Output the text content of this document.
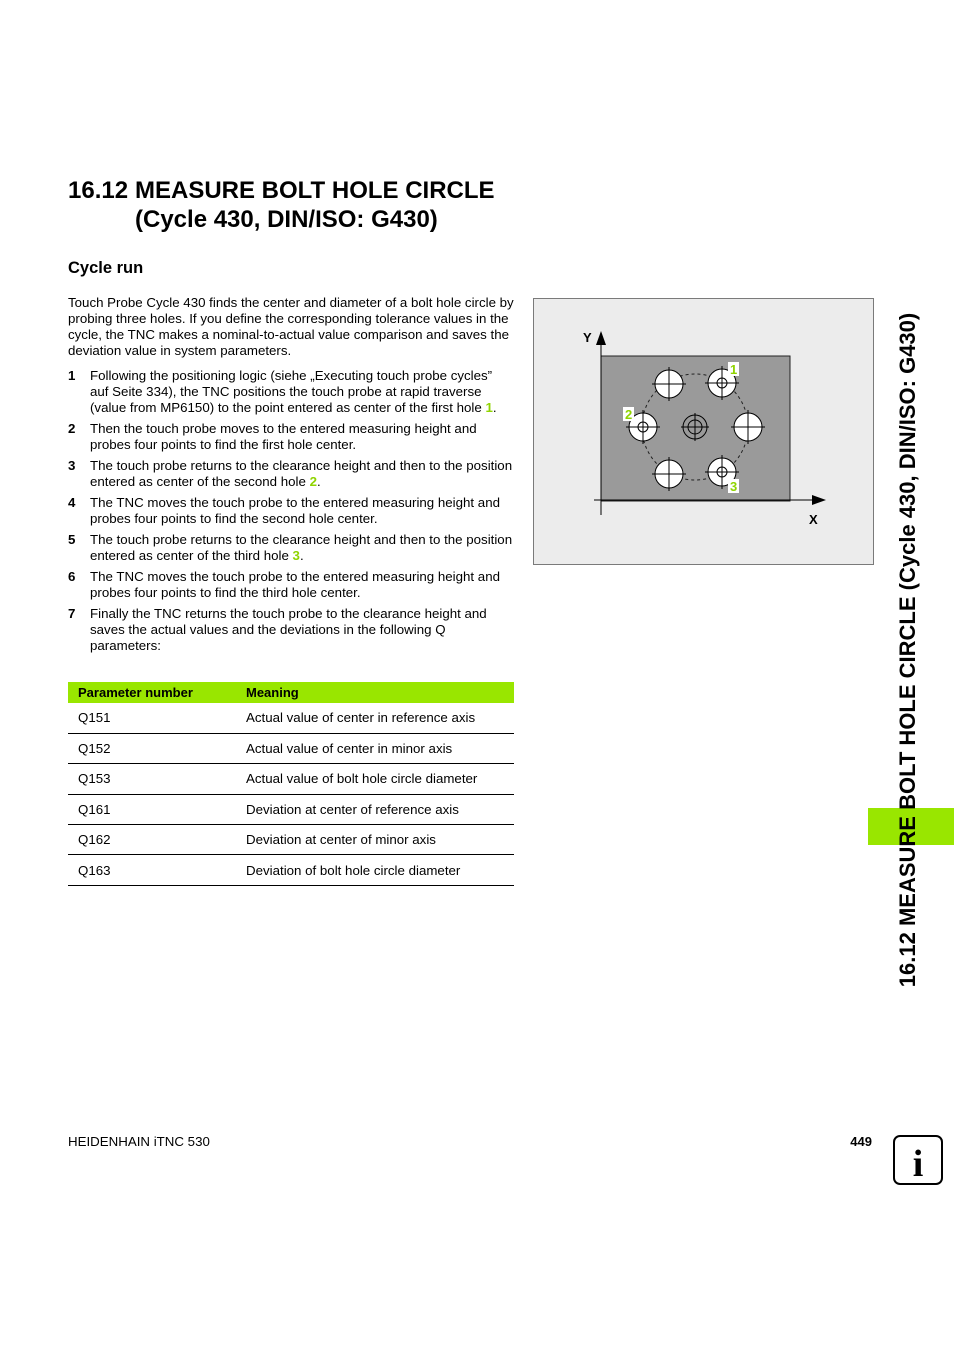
16.12 MEASURE BOLT HOLE CIRCLE
(Cycle 430, DIN/ISO: G430)
Cycle run

Touch Probe Cycle 430 finds the center and diameter of a bolt hole circle by probing three holes. If you define the corresponding tolerance values in the cycle, the TNC makes a nominal-to-actual value comparison and saves the deviation value in system parameters.

1	Following the positioning logic (siehe „Executing touch probe cycles” auf Seite 334), the TNC positions the touch probe at rapid traverse (value from MP6150) to the point entered as center of the first hole 1.
2	Then the touch probe moves to the entered measuring height and probes four points to find the first hole center.
3	The touch probe returns to the clearance height and then to the position entered as center of the second hole 2.
4	The TNC moves the touch probe to the entered measuring height and probes four points to find the second hole center.
5	The touch probe returns to the clearance height and then to the position entered as center of the third hole 3.
6	The TNC moves the touch probe to the entered measuring height and probes four points to find the third hole center.
7	Finally the TNC returns the touch probe to the clearance height and saves the actual values and the deviations in the following Q parameters:
Parameter number	Meaning
Q151	Actual value of center in reference axis
Q152	Actual value of center in minor axis
Q153	Actual value of bolt hole circle diameter
Q161	Deviation at center of reference axis
Q162	Deviation at center of minor axis
Q163	Deviation of bolt hole circle diameter
Y
X
1
2
3	16.12 MEASURE BOLT HOLE CIRCLE (Cycle 430, DIN/ISO: G430)
HEIDENHAIN iTNC 530	449
i
